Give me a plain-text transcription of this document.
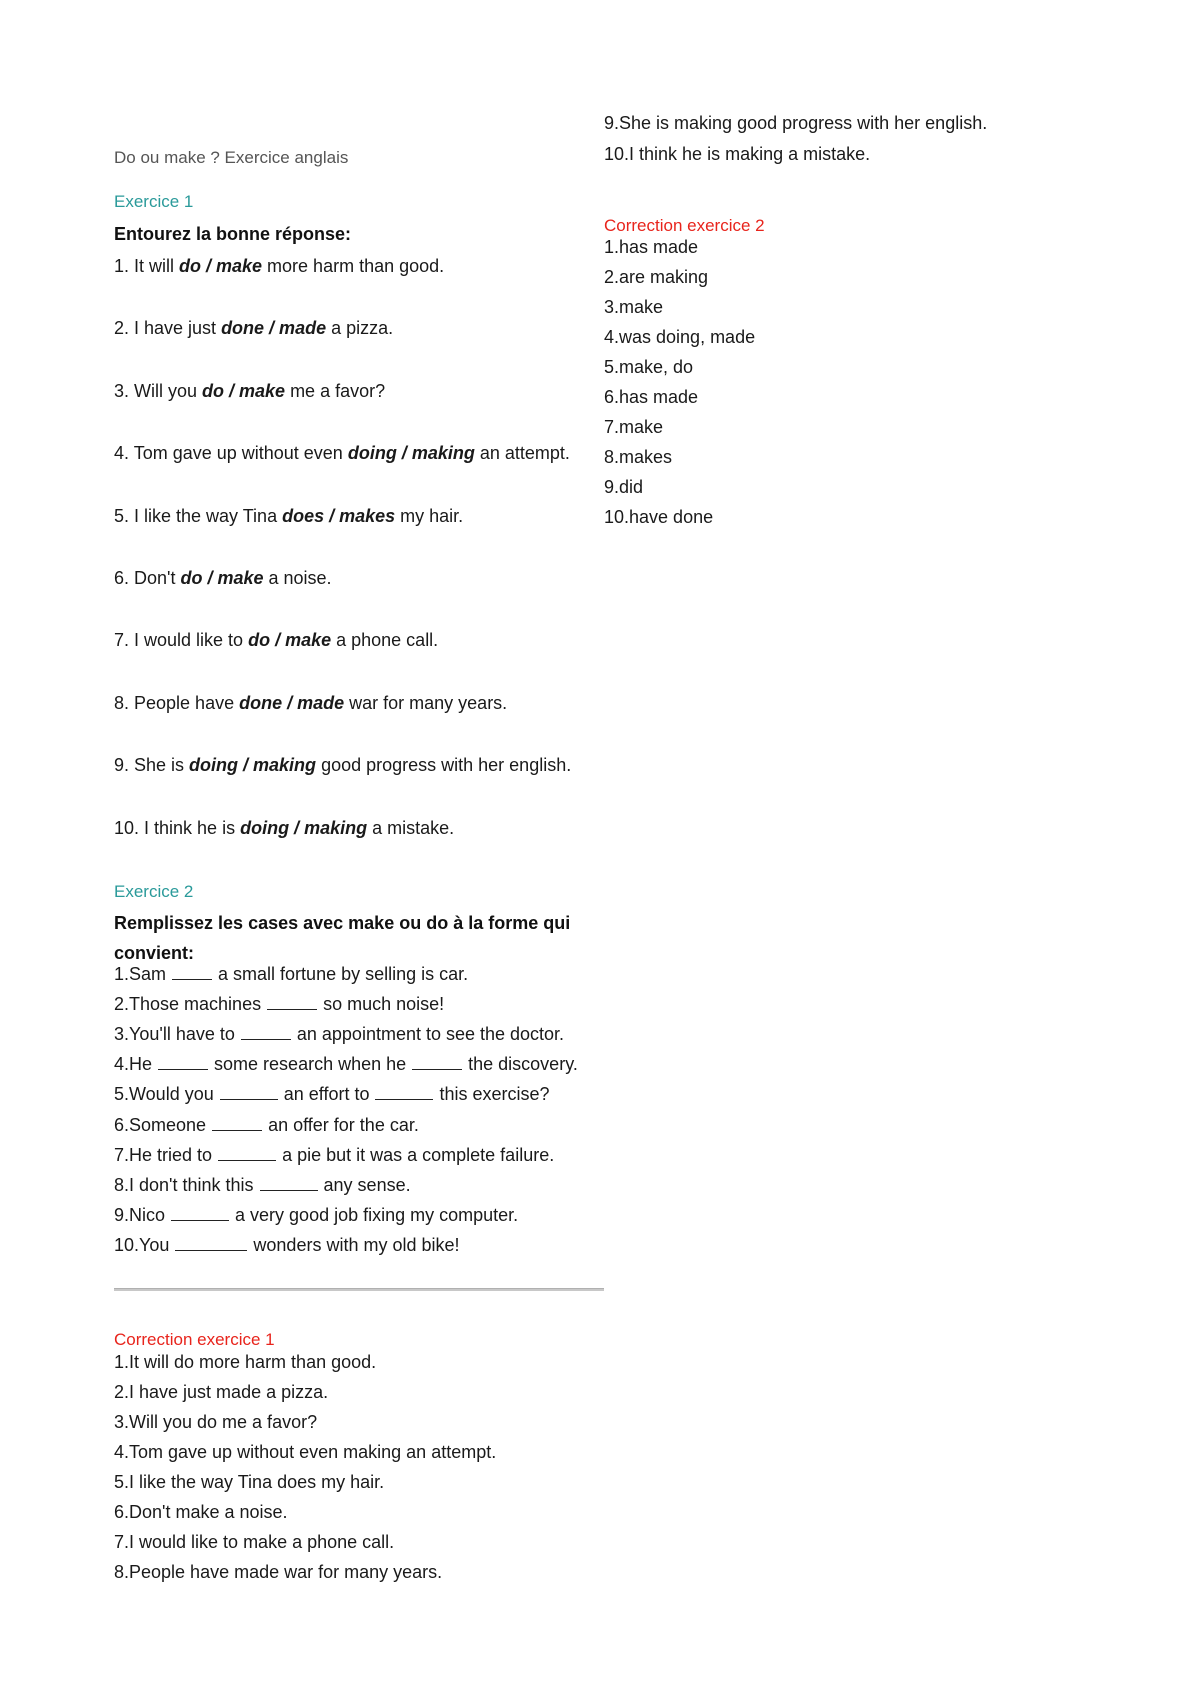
Do ou make ? Exercice anglais
Exercice 1
Entourez la bonne réponse:
1. It will do / make more harm than good.
2. I have just done / made a pizza.
3. Will you do / make me a favor?
4. Tom gave up without even doing / making an attempt.
5. I like the way Tina does / makes my hair.
6. Don't do / make a noise.
7. I would like to do / make a phone call.
8. People have done / made war for many years.
9. She is doing / making good progress with her english.
10. I think he is doing / making a mistake.
Exercice 2
Remplissez les cases avec make ou do à la forme qui
convient:
1.Sam	a small fortune by selling is car.
2.Those machines	so much noise!
3.You'll have to	an appointment to see the doctor.
4.He	some research when he	the discovery.
5.Would you	an effort to	this exercise?
6.Someone	an offer for the car.
7.He tried to	a pie but it was a complete failure.
8.I don't think this	any sense.
9.Nico	a very good job fixing my computer.
10.You	wonders with my old bike!
Correction exercice 1
1.It will do more harm than good.
2.I have just made a pizza.
3.Will you do me a favor?
4.Tom gave up without even making an attempt.
5.I like the way Tina does my hair.
6.Don't make a noise.
7.I would like to make a phone call.
8.People have made war for many years.
9.She is making good progress with her english.
10.I think he is making a mistake.
Correction exercice 2
1.has made
2.are making
3.make
4.was doing, made
5.make, do
6.has made
7.make
8.makes
9.did
10.have done
